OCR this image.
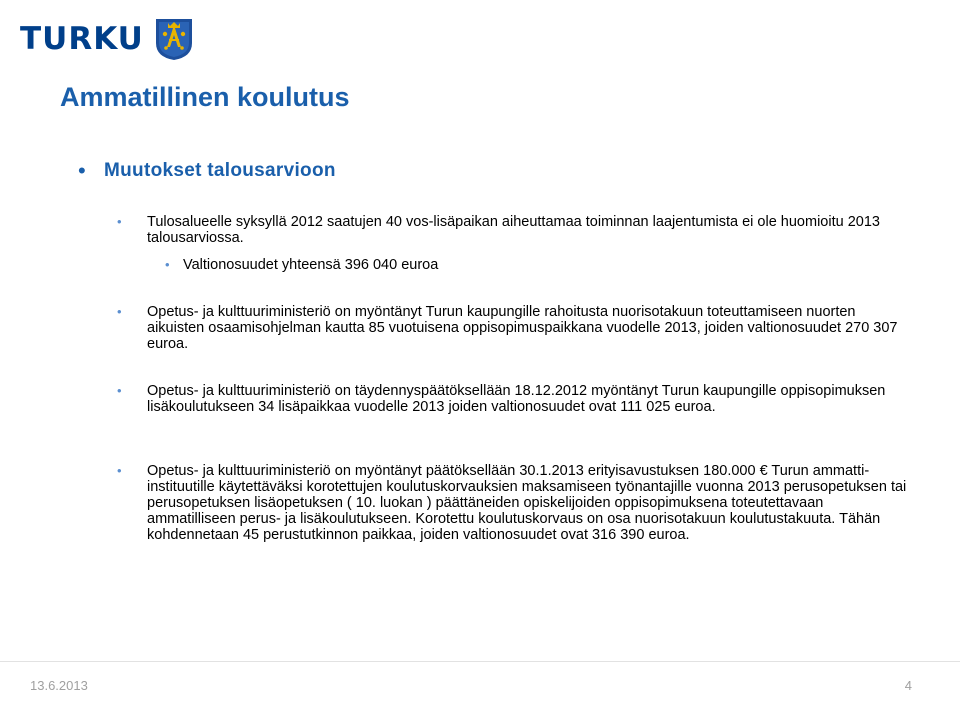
TURKU
Ammatillinen koulutus
• Muutokset talousarvioon
• Tulosalueelle syksyllä 2012 saatujen 40 vos-lisäpaikan aiheuttamaa toiminnan laajentumista ei ole huomioitu 2013 talousarviossa.
• Valtionosuudet yhteensä 396 040 euroa
• Opetus- ja kulttuuriministeriö on myöntänyt Turun kaupungille rahoitusta nuorisotakuun toteuttamiseen nuorten aikuisten osaamisohjelman kautta 85 vuotuisena oppisopimuspaikkana vuodelle 2013, joiden valtionosuudet 270 307 euroa.
• Opetus- ja kulttuuriministeriö on täydennyspäätöksellään 18.12.2012 myöntänyt Turun kaupungille oppisopimuksen lisäkoulutukseen 34 lisäpaikkaa vuodelle 2013 joiden valtionosuudet ovat 111 025 euroa.
• Opetus- ja kulttuuriministeriö on myöntänyt päätöksellään 30.1.2013 erityisavustuksen 180.000 € Turun ammatti-instituutille käytettäväksi korotettujen koulutuskorvauksien maksamiseen työnantajille vuonna 2013 perusopetuksen tai perusopetuksen lisäopetuksen ( 10. luokan ) päättäneiden opiskelijoiden oppisopimuksena toteutettavaan ammatilliseen perus- ja lisäkoulutukseen. Korotettu koulutuskorvaus on osa nuorisotakuun koulutustakuuta. Tähän kohdennetaan 45 perustutkinnon paikkaa, joiden valtionosuudet ovat 316 390 euroa.
13.6.2013	4
